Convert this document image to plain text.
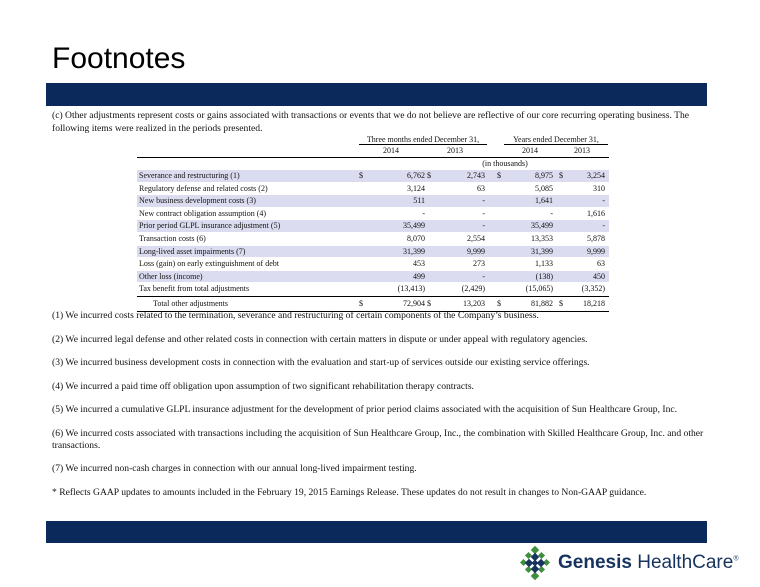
Footnotes
(c) Other adjustments represent costs or gains associated with transactions or events that we do not believe are reflective of our core recurring operating business. The following items were realized in the periods presented.
Three months ended December 31,	Years ended December 31,
2014	2013	2014	2013
(in thousands)
Severance and restructuring (1)	$	6,762 $	2,743 $	8,975 $	3,254
Regulatory defense and related costs (2)	3,124	63	5,085	310
New business development costs (3)	511	-	1,641	-
New contract obligation assumption (4)	-	-	-	1,616
Prior period GLPL insurance adjustment (5)	35,499	-	35,499	-
Transaction costs (6)	8,070	2,554	13,353	5,878
Long-lived asset impairments (7)	31,399	9,999	31,399	9,999
Loss (gain) on early extinguishment of debt	453	273	1,133	63
Other loss (income)	499	-	(138)	450
Tax benefit from total adjustments	(13,413)	(2,429)	(15,065)	(3,352)
Total other adjustments	$	72,904 $	13,203 $	81,882 $	18,218

(1) We incurred costs related to the termination, severance and restructuring of certain components of the Company’s business.

(2) We incurred legal defense and other related costs in connection with certain matters in dispute or under appeal with regulatory agencies.

(3) We incurred business development costs in connection with the evaluation and start-up of services outside our existing service offerings.

(4) We incurred a paid time off obligation upon assumption of two significant rehabilitation therapy contracts.

(5) We incurred a cumulative GLPL insurance adjustment for the development of prior period claims associated with the acquisition of Sun Healthcare Group, Inc.

(6) We incurred costs associated with transactions including the acquisition of Sun Healthcare Group, Inc., the combination with Skilled Healthcare Group, Inc. and other transactions.

(7) We incurred non-cash charges in connection with our annual long-lived impairment testing.

* Reflects GAAP updates to amounts included in the February 19, 2015 Earnings Release. These updates do not result in changes to Non-GAAP guidance.

Genesis HealthCare®
